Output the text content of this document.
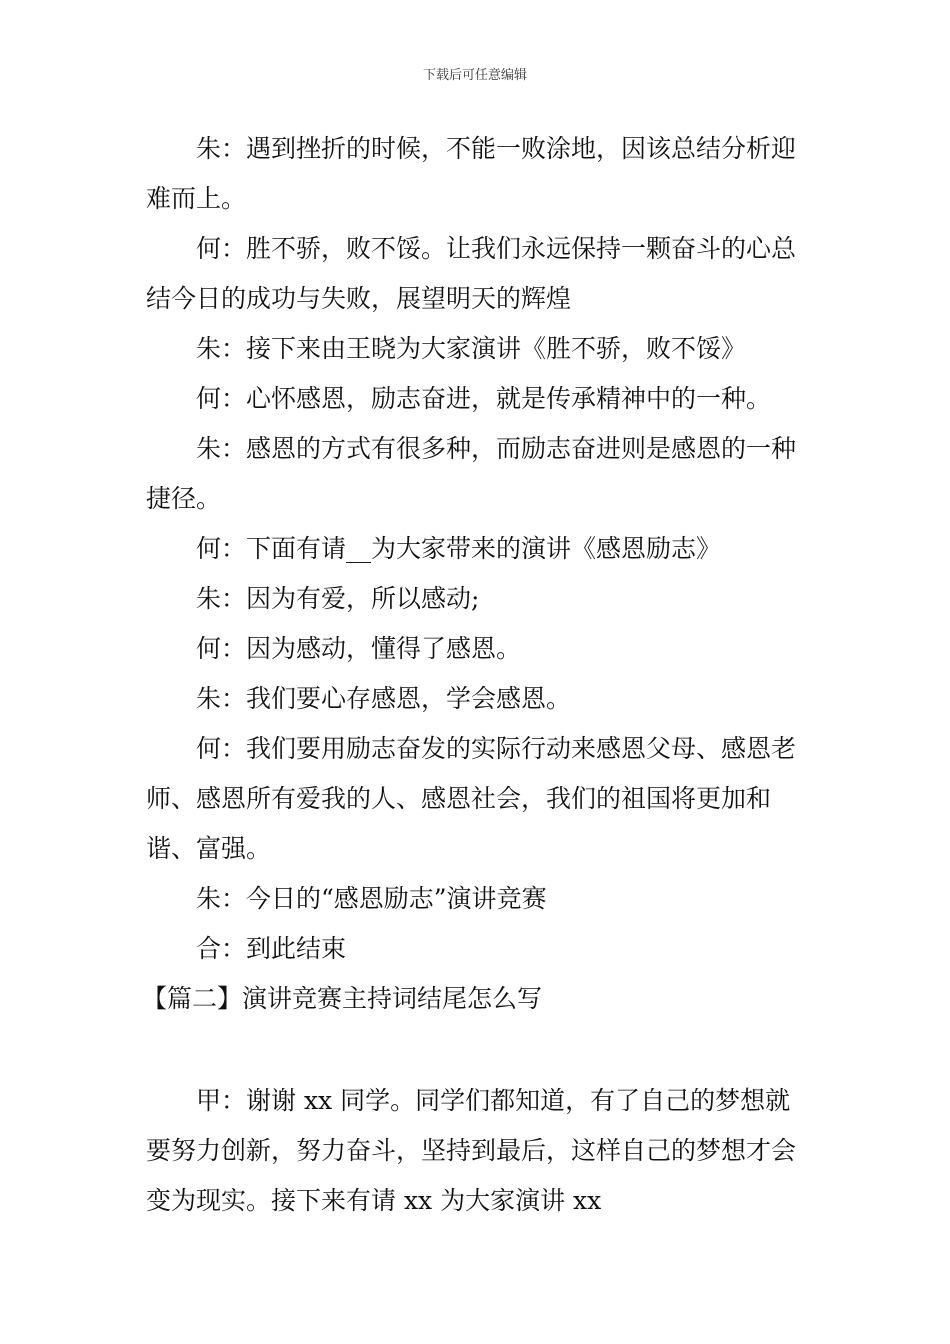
下载后可任意编辑

朱：遇到挫折的时候，不能一败涂地，因该总结分析迎难而上。

何：胜不骄，败不馁。让我们永远保持一颗奋斗的心总结今日的成功与失败，展望明天的辉煌

朱：接下来由王晓为大家演讲《胜不骄，败不馁》

何：心怀感恩，励志奋进，就是传承精神中的一种。

朱：感恩的方式有很多种，而励志奋进则是感恩的一种捷径。

何：下面有请__为大家带来的演讲《感恩励志》

朱：因为有爱，所以感动;

何：因为感动，懂得了感恩。

朱：我们要心存感恩，学会感恩。

何：我们要用励志奋发的实际行动来感恩父母、感恩老师、感恩所有爱我的人、感恩社会，我们的祖国将更加和谐、富强。

朱：今日的“感恩励志”演讲竞赛

合：到此结束

【篇二】演讲竞赛主持词结尾怎么写

甲：谢谢 xx 同学。同学们都知道，有了自己的梦想就要努力创新，努力奋斗，坚持到最后，这样自己的梦想才会变为现实。接下来有请 xx 为大家演讲 xx
